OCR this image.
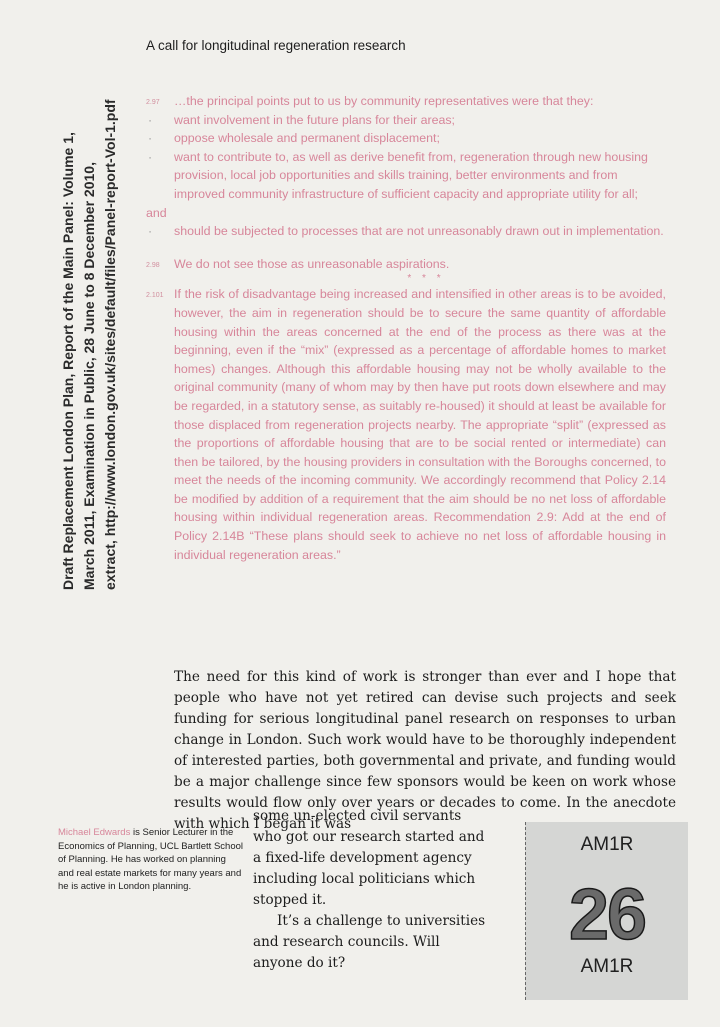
A call for longitudinal regeneration research
Draft Replacement London Plan, Report of the Main Panel: Volume 1, March 2011, Examination in Public, 28 June to 8 December 2010, extract, http://www.london.gov.uk/sites/default/files/Panel-report-Vol-1.pdf	2.97 …the principal points put to us by community representatives were that they:
· want involvement in the future plans for their areas;
· oppose wholesale and permanent displacement;
· want to contribute to, as well as derive benefit from, regeneration through new housing provision, local job opportunities and skills training, better environments and from improved community infrastructure of sufficient capacity and appropriate utility for all;
and
· should be subjected to processes that are not unreasonably drawn out in implementation.
2.98 We do not see those as unreasonable aspirations.
* * *
2.101 If the risk of disadvantage being increased and intensified in other areas is to be avoided, however, the aim in regeneration should be to secure the same quantity of affordable housing within the areas concerned at the end of the process as there was at the beginning, even if the “mix” (expressed as a percentage of affordable homes to market homes) changes. Although this affordable housing may not be wholly available to the original community (many of whom may by then have put roots down elsewhere and may be regarded, in a statutory sense, as suitably re-housed) it should at least be available for those displaced from regeneration projects nearby. The appropriate “split” (expressed as the proportions of affordable housing that are to be social rented or intermediate) can then be tailored, by the housing providers in consultation with the Boroughs concerned, to meet the needs of the incoming community. We accordingly recommend that Policy 2.14 be modified by addition of a requirement that the aim should be no net loss of affordable housing within individual regeneration areas. Recommendation 2.9: Add at the end of Policy 2.14B “These plans should seek to achieve no net loss of affordable housing in individual regeneration areas.”

The need for this kind of work is stronger than ever and I hope that people who have not yet retired can devise such projects and seek funding for serious longitudinal panel research on responses to urban change in London. Such work would have to be thoroughly independent of interested parties, both governmental and private, and funding would be a major challenge since few sponsors would be keen on work whose results would flow only over years or decades to come. In the anecdote with which I began it was

some un-elected civil servants who got our research started and a fixed-life development agency including local politicians which stopped it.

It’s a challenge to universities and research councils. Will anyone do it?

Michael Edwards is Senior Lecturer in the Economics of Planning, UCL Bartlett School of Planning. He has worked on planning and real estate markets for many years and he is active in London planning.
AM1R
26
AM1R
